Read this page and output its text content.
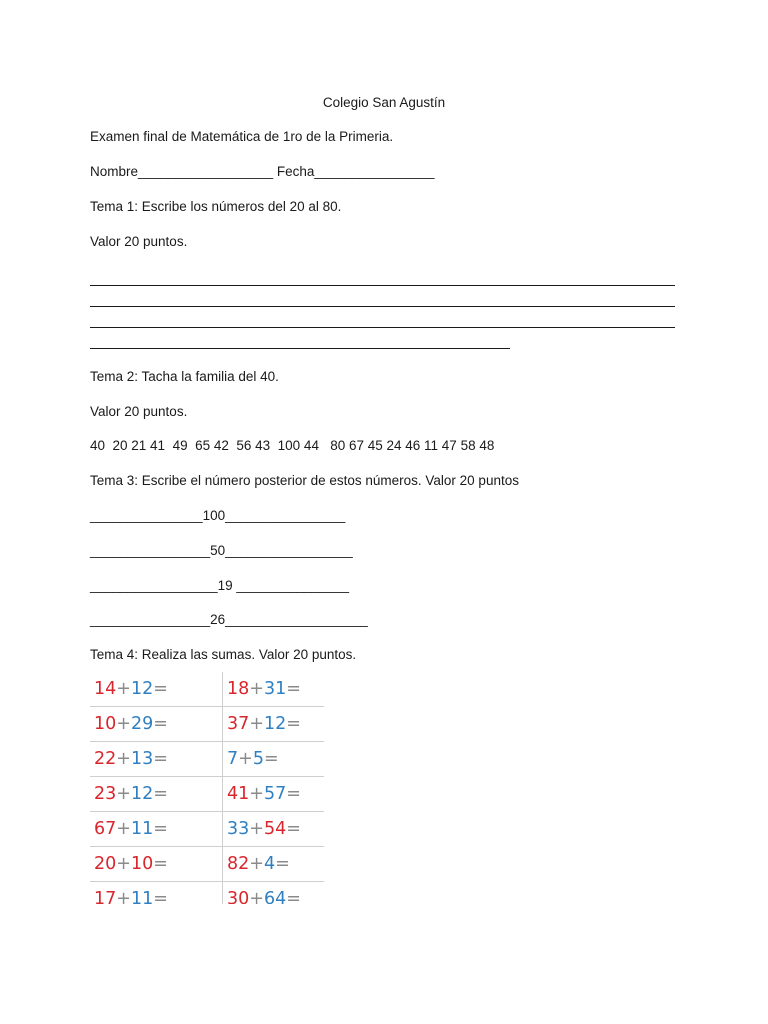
Colegio San Agustín
Examen final de Matemática de 1ro de la Primeria.
Nombre__________________ Fecha________________
Tema 1: Escribe los números del 20 al 80.
Valor 20 puntos.
Tema 2: Tacha la familia del 40.
Valor 20 puntos.
40  20 21 41  49  65 42  56 43  100 44   80 67 45 24 46 11 47 58 48
Tema 3: Escribe el número posterior de estos números. Valor 20 puntos
_______________100________________
________________50_________________
_________________19 _______________
________________26___________________
Tema 4: Realiza las sumas. Valor 20 puntos.
14+12=	18+31=
10+29=	37+12=
22+13=	7+5=
23+12=	41+57=
67+11=	33+54=
20+10=	82+4=
17+11=	30+64=
